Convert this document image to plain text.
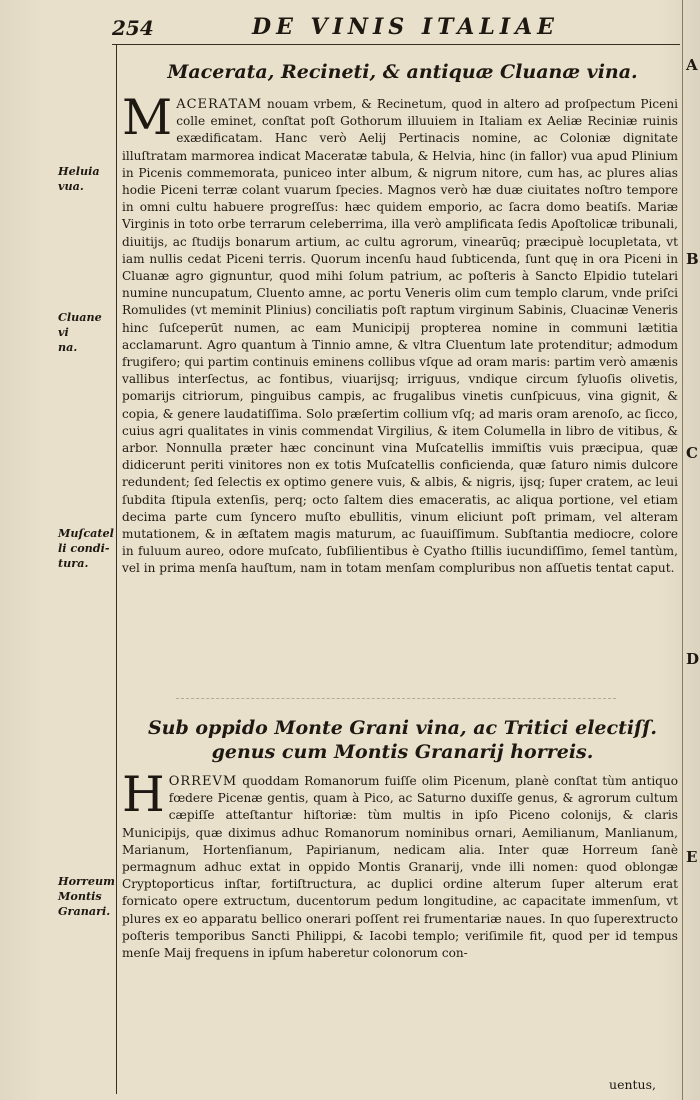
254	DE VINIS ITALIAE
Macerata, Recineti, & antiquæ Cluanæ vina.

MACERATAM nouam vrbem, & Recinetum, quod in altero ad proſpectum Piceni colle eminet, conſtat poſt Gothorum illuuiem in Italiam ex Aeliæ Reciniæ ruinis exædificatam. Hanc verò Aelij Pertinacis nomine, ac Coloniæ dignitate illuſtratam marmorea indicat Maceratæ tabula, & Helvia, hinc (in fallor) vua apud Plinium in Picenis commemorata, puniceo inter album, & nigrum nitore, cum has, ac plures alias hodie Piceni terræ colant vuarum ſpecies. Magnos verò hæ duæ ciuitates noſtro tempore in omni cultu habuere progreſſus: hæc quidem emporio, ac ſacra domo beatiſs. Mariæ Virginis in toto orbe terrarum celeberrima, illa verò amplificata ſedis Apoſtolicæ tribunali, diuitijs, ac ſtudijs bonarum artium, ac cultu agrorum, vinearūq; præcipuè locupletata, vt iam nullis cedat Piceni terris. Quorum incenſu haud ſubticenda, ſunt quę in ora Piceni in Cluanæ agro gignuntur, quod mihi ſolum patrium, ac poſteris à Sancto Elpidio tutelari numine nuncupatum, Cluento amne, ac portu Veneris olim cum templo clarum, vnde priſci Romulides (vt meminit Plinius) conciliatis poſt raptum virginum Sabinis, Cluacinæ Veneris hinc ſuſceperūt numen, ac eam Municipij propterea nomine in communi lætitia acclamarunt. Agro quantum à Tinnio amne, & vltra Cluentum late protenditur; admodum frugifero; qui partim continuis eminens collibus vſque ad oram maris: partim verò amænis vallibus interſectus, ac fontibus, viuarijsq; irriguus, vndique circum ſyluoſis olivetis, pomarijs citriorum, pinguibus campis, ac frugalibus vinetis cunſpicuus, vina gignit, & copia, & genere laudatiſſima. Solo præſertim collium vſq; ad maris oram arenoſo, ac ſicco, cuius agri qualitates in vinis commendat Virgilius, & item Columella in libro de vitibus, & arbor. Nonnulla præter hæc concinunt vina Muſcatellis immiſtis vuis præcipua, quæ didicerunt periti vinitores non ex totis Muſcatellis conficienda, quæ ſaturo nimis dulcore redundent; ſed ſelectis ex optimo genere vuis, & albis, & nigris, ijsq; ſuper cratem, ac leui ſubdita ſtipula extenſis, perq; octo ſaltem dies emaceratis, ac aliqua portione, vel etiam decima parte cum ſyncero muſto ebullitis, vinum eliciunt poſt primam, vel alteram mutationem, & in æſtatem magis maturum, ac ſuauiſſimum. Subſtantia mediocre, colore in fuluum aureo, odore muſcato, ſubſilientibus è Cyatho ſtillis iucundiſſimo, ſemel tantùm, vel in prima menſa hauſtum, nam in totam menſam compluribus non aſſuetis tentat caput.

Sub oppido Monte Grani vina, ac Tritici electiſſ. genus cum Montis Granarij horreis.

HORREVM quoddam Romanorum fuiſſe olim Picenum, planè conſtat tùm antiquo fœdere Picenæ gentis, quam à Pico, ac Saturno duxiſſe genus, & agrorum cultum cæpiſſe atteſtantur hiſtoriæ: tùm multis in ipſo Piceno colonijs, & claris Municipijs, quæ diximus adhuc Romanorum nominibus ornari, Aemilianum, Manlianum, Marianum, Hortenſianum, Papirianum, nedicam alia. Inter quæ Horreum ſanè permagnum adhuc extat in oppido Montis Granarij, vnde illi nomen: quod oblongæ Cryptoporticus inſtar, fortiſtructura, ac duplici ordine alterum ſuper alterum erat fornicato opere extructum, ducentorum pedum longitudine, ac capacitate immenſum, vt plures ex eo apparatu bellico onerari poſſent rei frumentariæ naues. In quo ſuperextructo poſteris temporibus Sancti Philippi, & Iacobi templo; veriſimile fit, quod per id tempus menſe Maij frequens in ipſum haberetur colonorum con-

uentus,
Heluia
vua.
Cluane vi
na.
Muſcatel
li condi-
tura.
Horreum
Montis
Granari.
A
B
C
D
E
